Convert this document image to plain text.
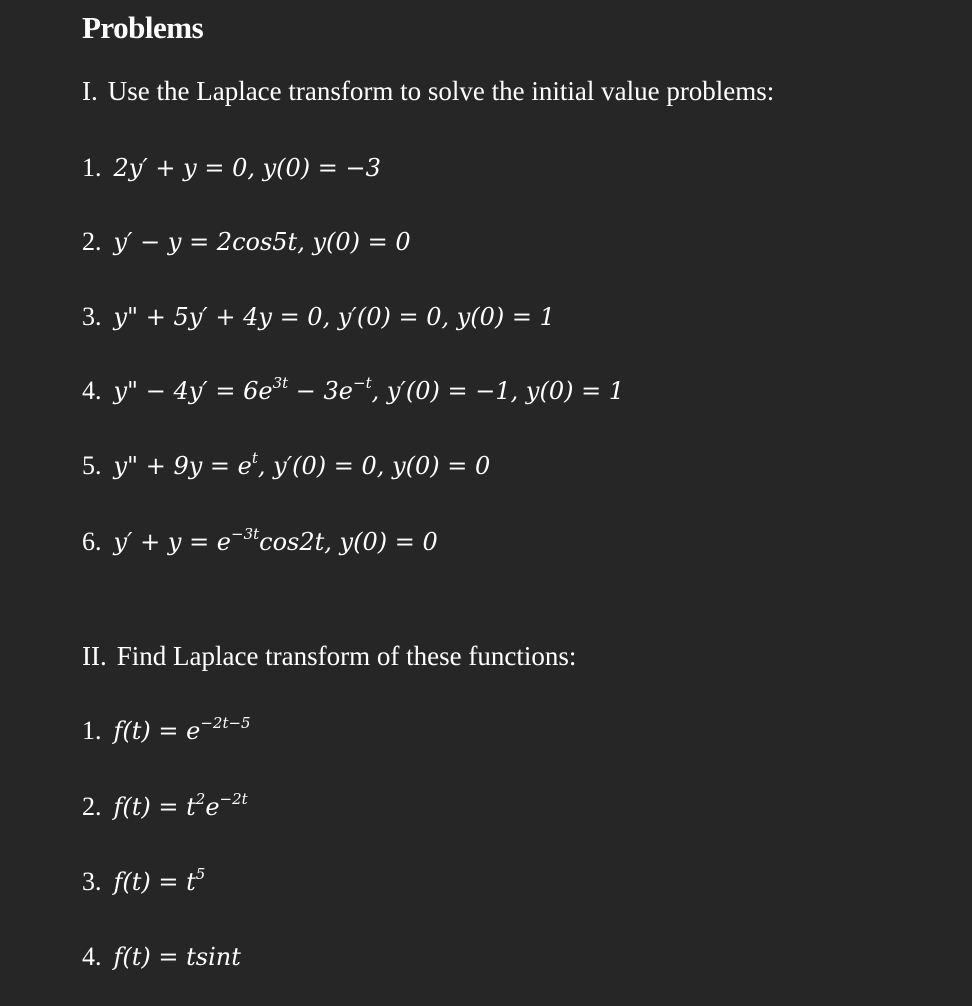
Problems
I. Use the Laplace transform to solve the initial value problems:
1. 2y′ + y = 0, y(0) = −3
2. y′ − y = 2cos5t, y(0) = 0
3. y" + 5y′ + 4y = 0, y′(0) = 0, y(0) = 1
4. y" − $4y' = 6e^{3t} - 3e^{-t}$, y′(0) = −1, y(0) = 1
5. y" + $9y = e^t$, y′(0) = 0, y(0) = 0
6. $y' + y = e^{-3t}\cos 2t$, y(0) = 0
II. Find Laplace transform of these functions:
1. $f(t) = e^{-2t-5}$
2. $f(t) = t^2e^{-2t}$
3. $f(t) = t^5$
4. f(t) = tsint
